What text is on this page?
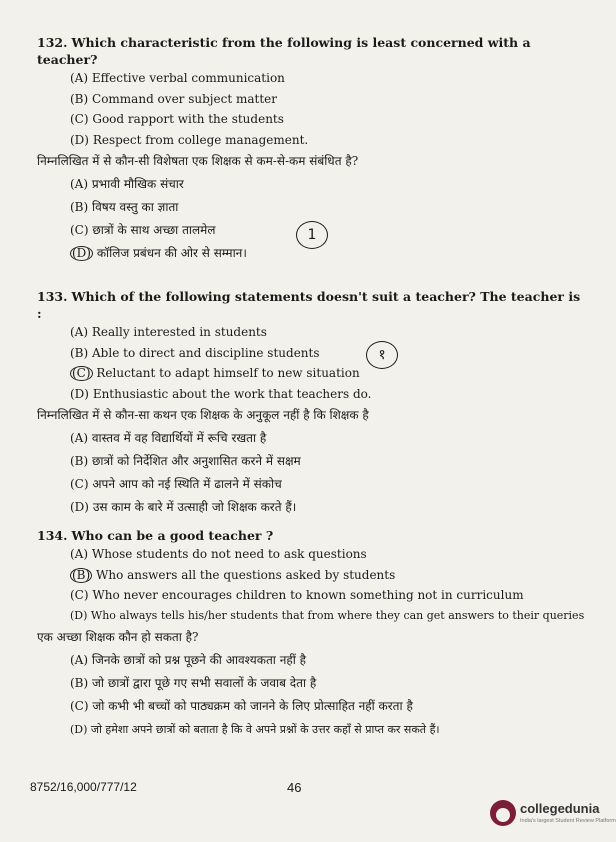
132. Which characteristic from the following is least concerned with a teacher?
(A) Effective verbal communication
(B) Command over subject matter
(C) Good rapport with the students
(D) Respect from college management.
निम्नलिखित में से कौन-सी विशेषता एक शिक्षक से कम-से-कम संबंधित है?
(A) प्रभावी मौखिक संचार
(B) विषय वस्तु का ज्ञाता
(C) छात्रों के साथ अच्छा तालमेल
(D) कॉलिज प्रबंधन की ओर से सम्मान।
1
133. Which of the following statements doesn't suit a teacher? The teacher is :
(A) Really interested in students
(B) Able to direct and discipline students
(C) Reluctant to adapt himself to new situation
(D) Enthusiastic about the work that teachers do.
निम्नलिखित में से कौन-सा कथन एक शिक्षक के अनुकूल नहीं है कि शिक्षक है
(A) वास्तव में वह विद्यार्थियों में रूचि रखता है
(B) छात्रों को निर्देशित और अनुशासित करने में सक्षम
(C) अपने आप को नई स्थिति में ढालने में संकोच
(D) उस काम के बारे में उत्साही जो शिक्षक करते हैं।
१
134. Who can be a good teacher ?
(A) Whose students do not need to ask questions
(B) Who answers all the questions asked by students
(C) Who never encourages children to known something not in curriculum
(D) Who always tells his/her students that from where they can get answers to their queries
एक अच्छा शिक्षक कौन हो सकता है?
(A) जिनके छात्रों को प्रश्न पूछने की आवश्यकता नहीं है
(B) जो छात्रों द्वारा पूछे गए सभी सवालों के जवाब देता है
(C) जो कभी भी बच्चों को पाठ्यक्रम को जानने के लिए प्रोत्साहित नहीं करता है
(D) जो हमेशा अपने छात्रों को बताता है कि वे अपने प्रश्नों के उत्तर कहाँ से प्राप्त कर सकते हैं।
8752/16,000/777/12	46
collegedunia
India's largest Student Review Platform
